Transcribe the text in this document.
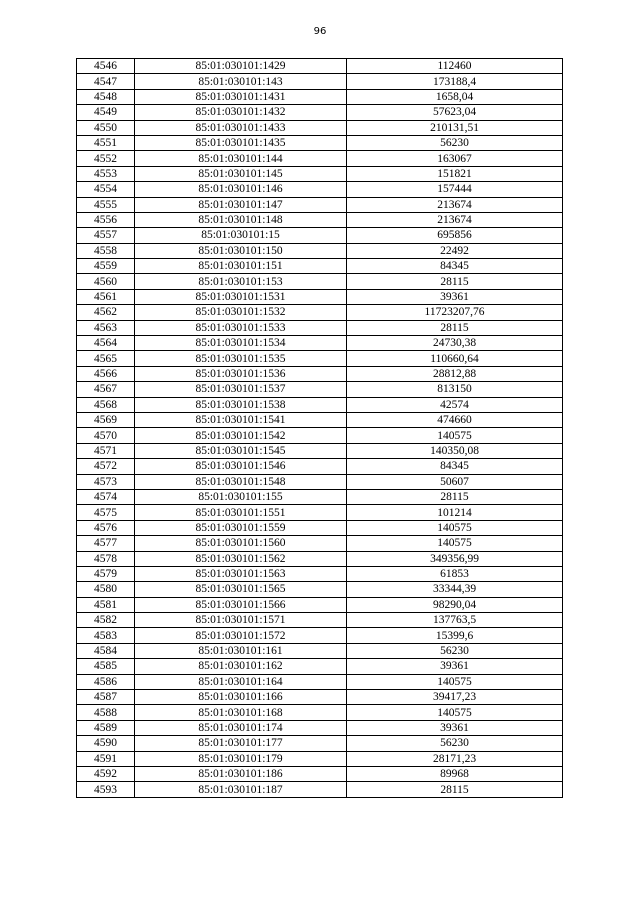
96
4546	85:01:030101:1429	112460
4547	85:01:030101:143	173188,4
4548	85:01:030101:1431	1658,04
4549	85:01:030101:1432	57623,04
4550	85:01:030101:1433	210131,51
4551	85:01:030101:1435	56230
4552	85:01:030101:144	163067
4553	85:01:030101:145	151821
4554	85:01:030101:146	157444
4555	85:01:030101:147	213674
4556	85:01:030101:148	213674
4557	85:01:030101:15	695856
4558	85:01:030101:150	22492
4559	85:01:030101:151	84345
4560	85:01:030101:153	28115
4561	85:01:030101:1531	39361
4562	85:01:030101:1532	11723207,76
4563	85:01:030101:1533	28115
4564	85:01:030101:1534	24730,38
4565	85:01:030101:1535	110660,64
4566	85:01:030101:1536	28812,88
4567	85:01:030101:1537	813150
4568	85:01:030101:1538	42574
4569	85:01:030101:1541	474660
4570	85:01:030101:1542	140575
4571	85:01:030101:1545	140350,08
4572	85:01:030101:1546	84345
4573	85:01:030101:1548	50607
4574	85:01:030101:155	28115
4575	85:01:030101:1551	101214
4576	85:01:030101:1559	140575
4577	85:01:030101:1560	140575
4578	85:01:030101:1562	349356,99
4579	85:01:030101:1563	61853
4580	85:01:030101:1565	33344,39
4581	85:01:030101:1566	98290,04
4582	85:01:030101:1571	137763,5
4583	85:01:030101:1572	15399,6
4584	85:01:030101:161	56230
4585	85:01:030101:162	39361
4586	85:01:030101:164	140575
4587	85:01:030101:166	39417,23
4588	85:01:030101:168	140575
4589	85:01:030101:174	39361
4590	85:01:030101:177	56230
4591	85:01:030101:179	28171,23
4592	85:01:030101:186	89968
4593	85:01:030101:187	28115
